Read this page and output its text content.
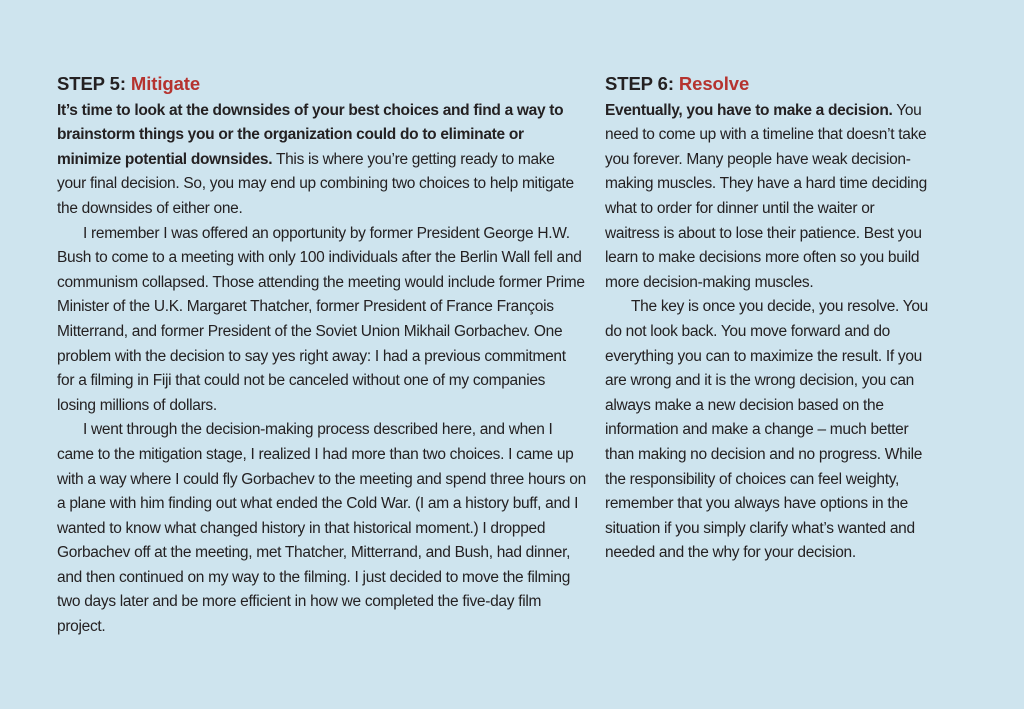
STEP 5: Mitigate

It’s time to look at the downsides of your best choices and find a way to brainstorm things you or the organization could do to eliminate or minimize potential downsides. This is where you’re getting ready to make your final decision. So, you may end up combining two choices to help mitigate the downsides of either one.

I remember I was offered an opportunity by former President George H.W. Bush to come to a meeting with only 100 individuals after the Berlin Wall fell and communism collapsed. Those attending the meeting would include former Prime Minister of the U.K. Margaret Thatcher, former President of France François Mitterrand, and former President of the Soviet Union Mikhail Gorbachev. One problem with the decision to say yes right away: I had a previous commitment for a filming in Fiji that could not be canceled without one of my companies losing millions of dollars.

I went through the decision-making process described here, and when I came to the mitigation stage, I realized I had more than two choices. I came up with a way where I could fly Gorbachev to the meeting and spend three hours on a plane with him finding out what ended the Cold War. (I am a history buff, and I wanted to know what changed history in that historical moment.) I dropped Gorbachev off at the meeting, met Thatcher, Mitterrand, and Bush, had dinner, and then continued on my way to the filming. I just decided to move the filming two days later and be more efficient in how we completed the five-day film project.

STEP 6: Resolve

Eventually, you have to make a decision. You need to come up with a timeline that doesn’t take you forever. Many people have weak decision-making muscles. They have a hard time deciding what to order for dinner until the waiter or waitress is about to lose their patience. Best you learn to make decisions more often so you build more decision-making muscles.

The key is once you decide, you resolve. You do not look back. You move forward and do everything you can to maximize the result. If you are wrong and it is the wrong decision, you can always make a new decision based on the information and make a change – much better than making no decision and no progress. While the responsibility of choices can feel weighty, remember that you always have options in the situation if you simply clarify what’s wanted and needed and the why for your decision.
